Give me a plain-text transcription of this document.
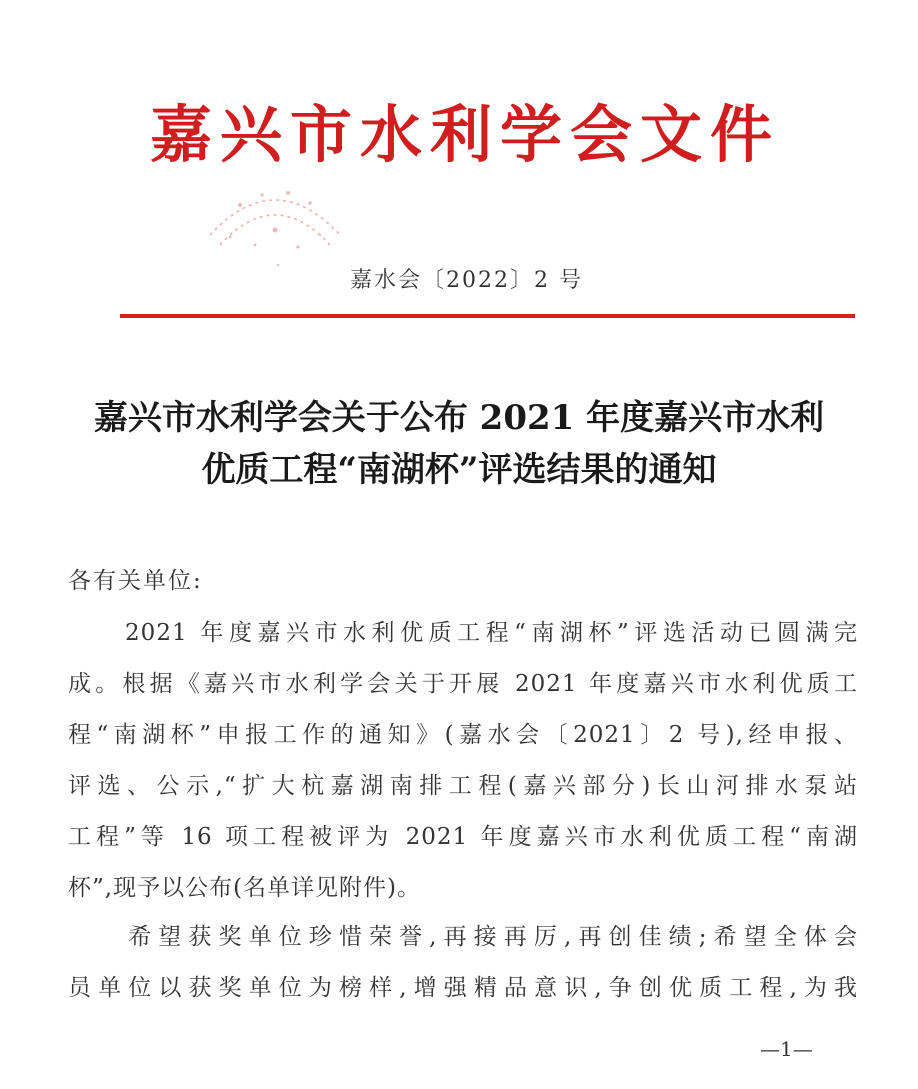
嘉兴市水利学会文件
嘉水会〔2022〕2 号
嘉兴市水利学会关于公布 2021 年度嘉兴市水利
优质工程“南湖杯”评选结果的通知
各有关单位:
　　2021 年度嘉兴市水利优质工程“南湖杯”评选活动已圆满完
成。根据《嘉兴市水利学会关于开展 2021 年度嘉兴市水利优质工
程“南湖杯”申报工作的通知》(嘉水会〔2021〕2 号),经申报、
评选、公示,“扩大杭嘉湖南排工程(嘉兴部分)长山河排水泵站
工程”等 16 项工程被评为 2021 年度嘉兴市水利优质工程“南湖
杯”,现予以公布(名单详见附件)。
　　希望获奖单位珍惜荣誉,再接再厉,再创佳绩;希望全体会
员单位以获奖单位为榜样,增强精品意识,争创优质工程,为我
—1—
